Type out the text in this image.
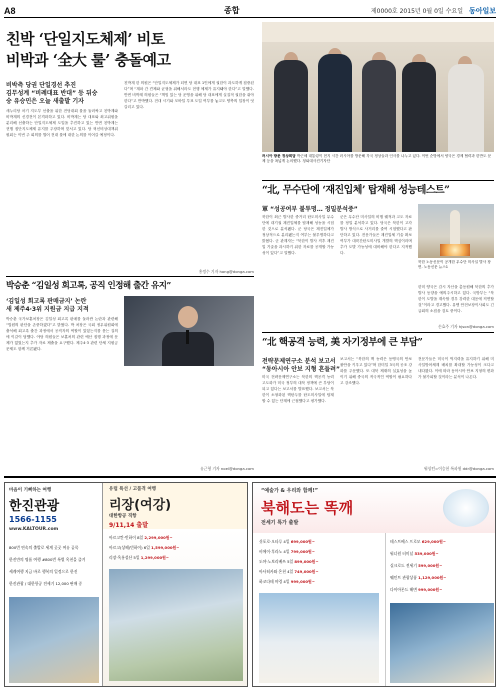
A8	종합	제0000호 2015년 0월 0일 수요일 동아일보
친박 ‘단일지도체제’ 비토
비박과 ‘全大 룰’ 충돌예고
비박측 당권 단일경선 추진
김무성계 “비례대표 반대” 등 뒤숭
숭 유승민은 오늘 새출발 기자
새누리당 차기 지도부 선출을 위한 전당대회 룰을 둘러싸고 친박계와 비박계의 신경전이 본격화하고 있다. 비박계는 당 대표와 최고위원을 분리해 선출하는 단일지도체제 도입을 추진하고 있는 반면 친박계는 현행 집단지도체제 유지를 주장하며 맞서고 있다. 당 혁신비상대책위원회는 이번 주 회의를 열어 전대 룰에 대한 논의를 이어갈 예정이다.
친박계 한 의원은 “단일지도체제가 되면 당 대표 1인에게 권한이 과도하게 집중된다”며 “계파 간 견제와 균형을 위해서라도 현행 체제가 유지돼야 한다”고 말했다. 반면 비박계 의원들은 “책임 있는 당 운영을 위해 당 대표에게 실질적 권한을 줘야 한다”고 반박했다. 전대 시기와 모바일 투표 도입 여부를 놓고도 양측의 입장이 엇갈리고 있다.
홍정수 기자 hong@donga.com
박승춘 “김일성 회고록, 공직 인정해 출간 유지”
‘김일성 회고록 판매금지’ 논란
새 제주4·3위 지원금 지급 지적
박승춘 국가보훈처장은 김일성 회고록 판매를 둘러싼 논란과 관련해 “법원의 판단을 존중하겠다”고 밝혔다. 박 처장은 국회 정무위원회에 출석해 회고록 출간 과정에서 공직자의 역할이 있었는지를 묻는 질의에 이같이 답했다. 야당 의원들은 보훈처의 관련 예산 집행 과정에 문제가 없었는지 추가 자료 제출을 요구했다. 제주4·3 관련 단체 지원금 문제도 함께 거론됐다.
유근형 기자 noel@donga.com
러시아 방문 정상회담 박근혜 대통령이 현지 시간 러시아를 방문해 각국 정상들과 인사를 나누고 있다. 이번 순방에서 양국은 경제 협력과 한반도 문제 등을 폭넓게 논의했다. 청와대사진기자단
“北, 무수단에 ‘재진입체’ 탑재해 성능테스트”
軍 “성공여부 불투명… 정밀분석중”
북한이 최근 발사한 중거리 탄도미사일 무수단에 대기권 재진입체를 탑재해 성능을 시험한 것으로 분석됐다. 군 당국은 재진입체가 정상적으로 분리됐는지 여부는 불투명하다고 밝혔다. 군 관계자는 “북한이 발사 직후 재진입 기술을 과시하기 위한 자료를 공개할 가능성이 있다”고 말했다.
군은 무수단 미사일의 비행 궤적과 고도 자료를 정밀 분석하고 있다. 당국은 북한이 고각 발사 방식으로 사거리를 줄여 시험했다고 판단하고 있다. 전문가들은 재진입체 기술 확보 여부가 대륙간탄도미사일 개발의 핵심이라며 추가 도발 가능성에 대비해야 한다고 지적했다.
북한 노동신문이 공개한 무수단 미사일 발사 장면. 노동신문 뉴스1
한미 양국은 감시 자산을 총동원해 북한의 추가 발사 동향을 예의주시하고 있다. 국방부는 “북한이 도발을 계속할 경우 강력한 대응에 직면할 것”이라고 경고했다. 유엔 안전보장이사회도 긴급회의 소집을 검토 중이다.
손효주 기자 hjson@donga.com
“北 핵공격 능력, 美 자기정부에 큰 부담”
전략문제연구소 분석 보고서
“동아시아 안보 지형 흔들려”
미국 전략문제연구소는 북한의 핵공격 능력 고도화가 미국 정부의 대북 정책에 큰 부담이 되고 있다는 보고서를 발표했다. 보고서는 북한이 소형화된 핵탄두를 탄도미사일에 탑재할 수 있는 단계에 근접했다고 평가했다.
보고서는 “북한의 핵 능력은 동맹국의 안보 불안을 키우고 있다”며 한미일 3국의 공조 강화를 주문했다. 또 대북 제재의 실효성을 높이기 위해 중국의 적극적인 역할이 필요하다고 강조했다.
전문가들은 미국이 억지력을 유지하기 위해 미사일방어체계 배치를 확대할 가능성이 크다고 내다봤다. 이에 따라 동아시아 안보 지형의 변화가 불가피할 것이라는 분석이 나온다.
워싱턴=이승헌 특파원 ddr@donga.com
마음이 기뻐하는 여행
한진관광
1566-1155
www.KALTOUR.com
800번 연속의 출발로 세계 곳곳 여유 골목
한진만의 명품 여행 #800번 특별 옥천을 즐겨
세계여행 지금 바로 행복의 일정으로 한진
한진관광 / 대한항공 전세기 12,000 판매 중
유럽 특선 / 고품격 여행
리장(여강)
대한항공 직항
9/11,14 출발
아르고칸·빈하이 8일 2,299,000원~
아르고(상해/빈하이) 6일 1,599,000원~
리장·옥룡설산 5일 1,299,000원~
“예술가 & 우리와 함께!”
북해도는 똑깨
전세기 특가 출발
삿포로·오타루 4일 699,000원~
비에이·후라노 4일 799,000원~
도야·노보리베쓰 5일 899,000원~
아사히카와 온천 4일 749,000원~
하코다테 야경 4일 999,000원~
테스트베스 프로모 629,000원~
워너원 터미널 539,000원~
실크로드 전세기 599,000원~
웨인트 관광상품 1,129,000원~
다이아몬드 해변 999,000원~
